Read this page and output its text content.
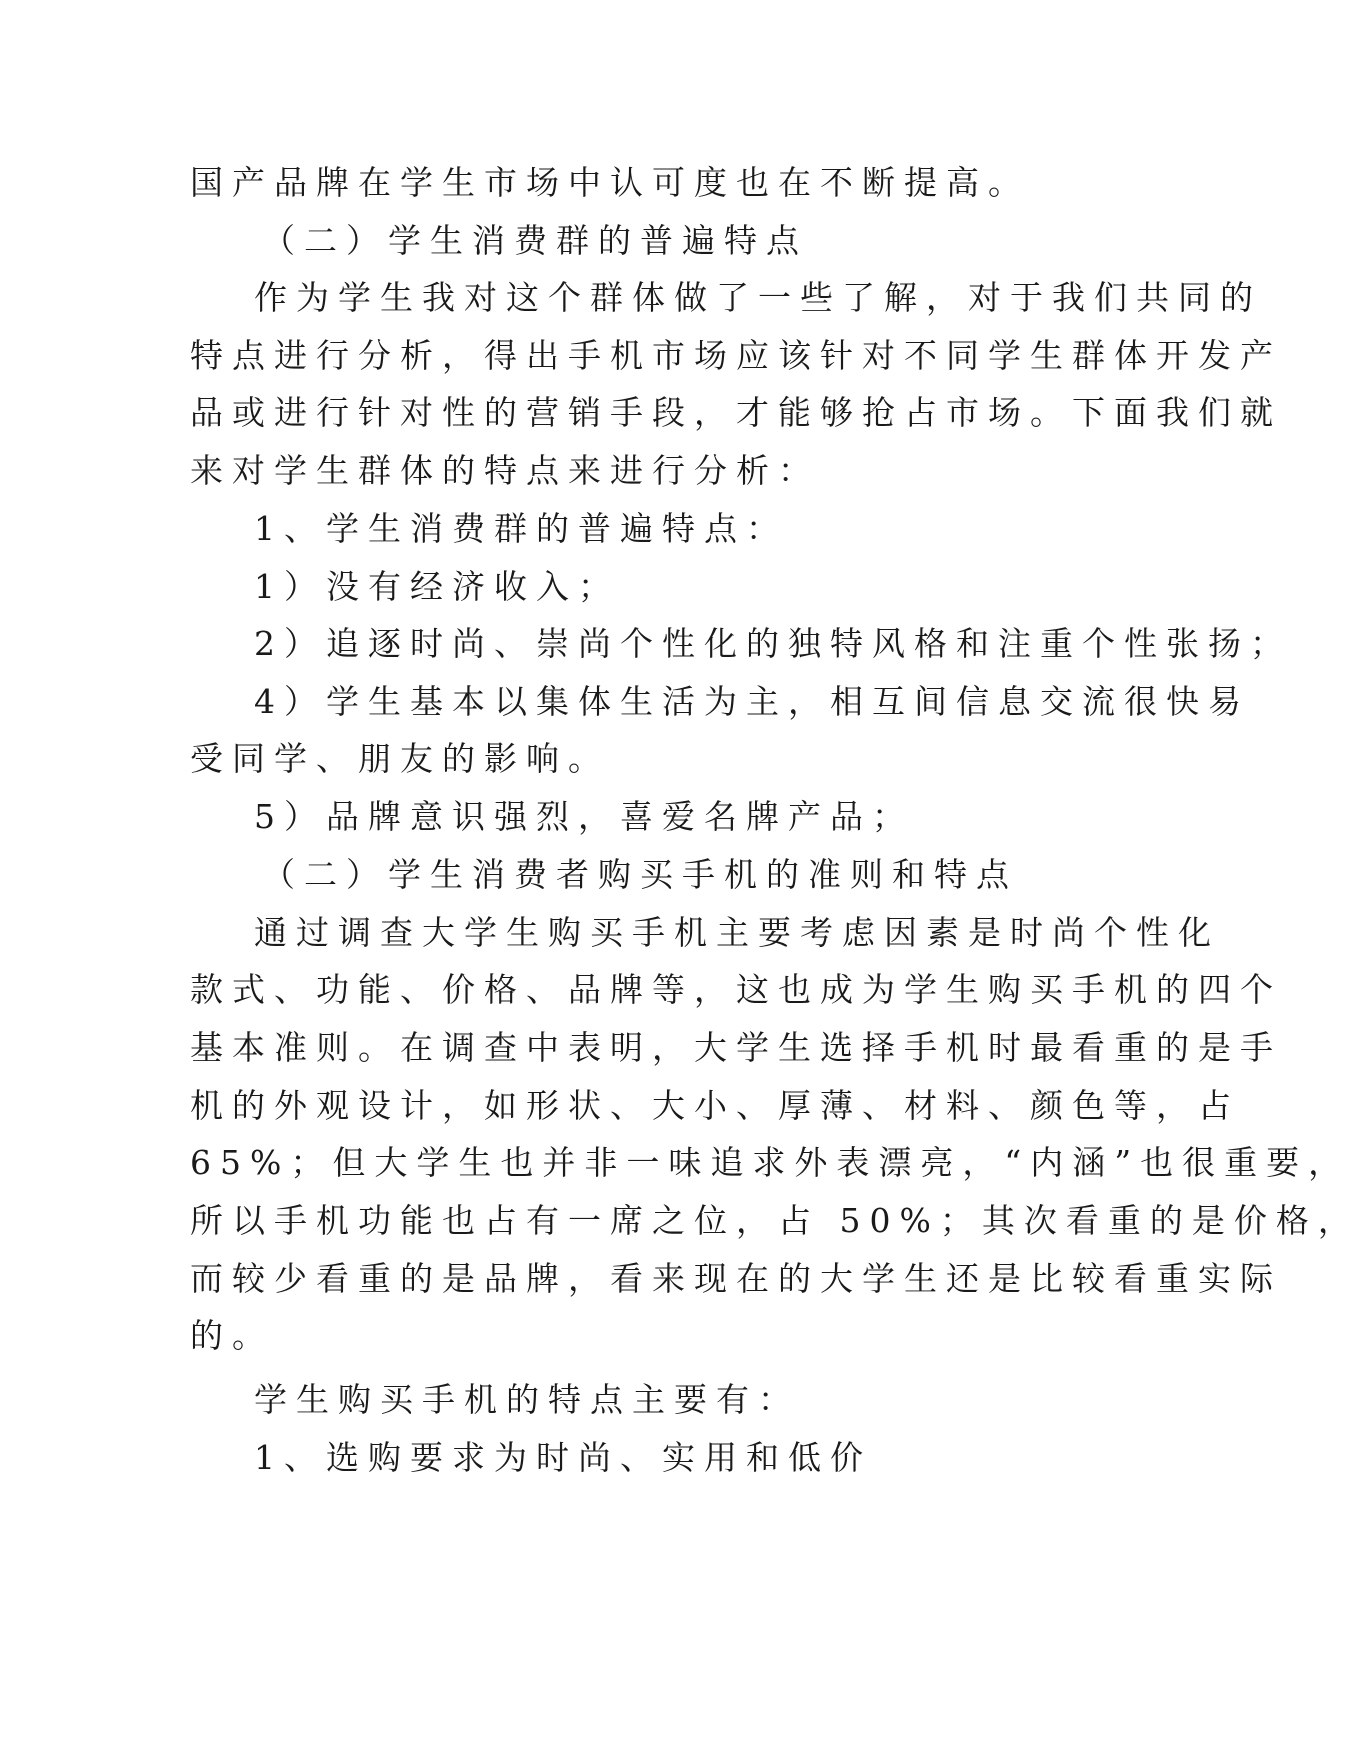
国产品牌在学生市场中认可度也在不断提高。
（二）学生消费群的普遍特点
作为学生我对这个群体做了一些了解，对于我们共同的
特点进行分析，得出手机市场应该针对不同学生群体开发产
品或进行针对性的营销手段，才能够抢占市场。下面我们就
来对学生群体的特点来进行分析：
1、学生消费群的普遍特点：
1）没有经济收入；
2）追逐时尚、崇尚个性化的独特风格和注重个性张扬；
4）学生基本以集体生活为主，相互间信息交流很快易
受同学、朋友的影响。
5）品牌意识强烈，喜爱名牌产品；
（二）学生消费者购买手机的准则和特点
通过调查大学生购买手机主要考虑因素是时尚个性化
款式、功能、价格、品牌等，这也成为学生购买手机的四个
基本准则。在调查中表明，大学生选择手机时最看重的是手
机的外观设计，如形状、大小、厚薄、材料、颜色等，占
65%；但大学生也并非一味追求外表漂亮，“内涵”也很重要，
所以手机功能也占有一席之位，占 50%；其次看重的是价格，
而较少看重的是品牌，看来现在的大学生还是比较看重实际
的。
学生购买手机的特点主要有：
1、选购要求为时尚、实用和低价
